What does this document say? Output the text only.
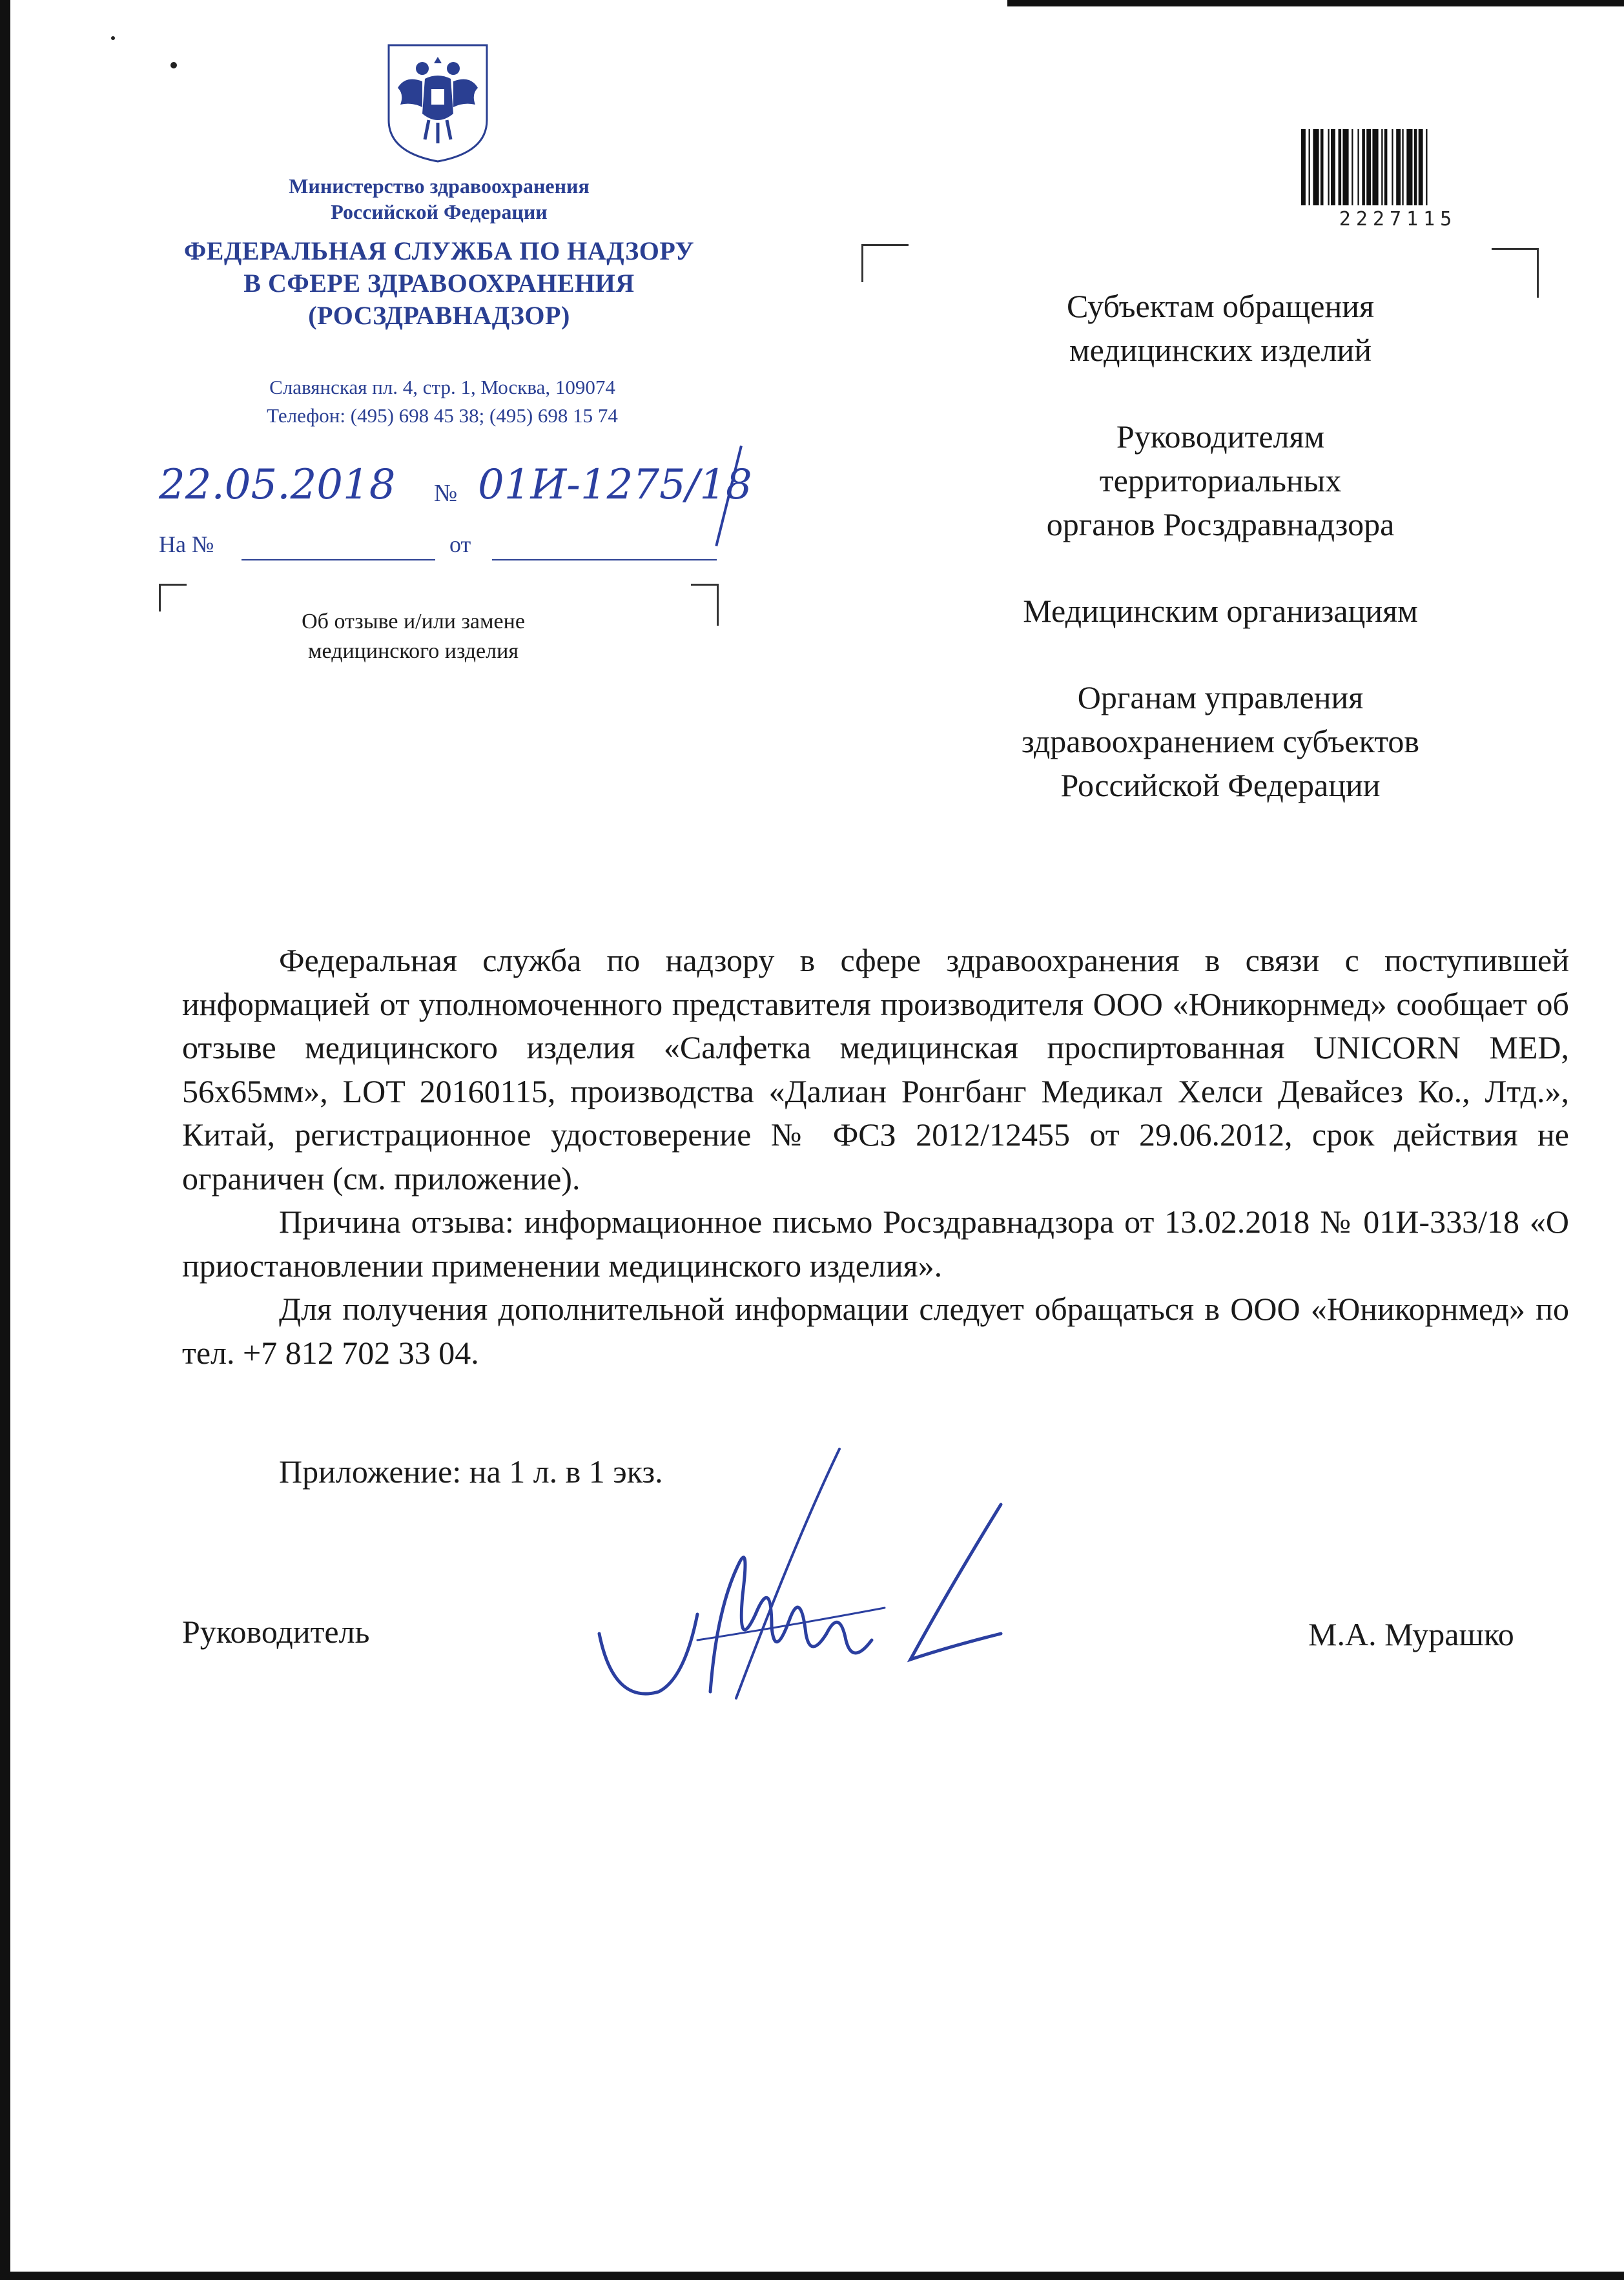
Министерство здравоохранения
Российской Федерации
ФЕДЕРАЛЬНАЯ СЛУЖБА ПО НАДЗОРУ
В СФЕРЕ ЗДРАВООХРАНЕНИЯ
(РОСЗДРАВНАДЗОР)
Славянская пл. 4, стр. 1, Москва, 109074
Телефон: (495) 698 45 38; (495) 698 15 74
22.05.2018 № 01И-1275/18
На №	от
Об отзыве и/или замене
медицинского изделия
2227115

Субъектам обращения
медицинских изделий

Руководителям
территориальных
органов Росздравнадзора

Медицинским организациям

Органам управления
здравоохранением субъектов
Российской Федерации

Федеральная служба по надзору в сфере здравоохранения в связи с поступившей информацией от уполномоченного представителя производителя ООО «Юникорнмед» сообщает об отзыве медицинского изделия «Салфетка медицинская проспиртованная UNICORN MED, 56х65мм», LOT 20160115, производства «Далиан Ронгбанг Медикал Хелси Девайсез Ко., Лтд.», Китай, регистрационное удостоверение № ФСЗ 2012/12455 от 29.06.2012, срок действия не ограничен (см. приложение).

Причина отзыва: информационное письмо Росздравнадзора от 13.02.2018 № 01И-333/18 «О приостановлении применении медицинского изделия».

Для получения дополнительной информации следует обращаться в ООО «Юникорнмед» по тел. +7 812 702 33 04.

Приложение: на 1 л. в 1 экз.
Руководитель	М.А. Мурашко
